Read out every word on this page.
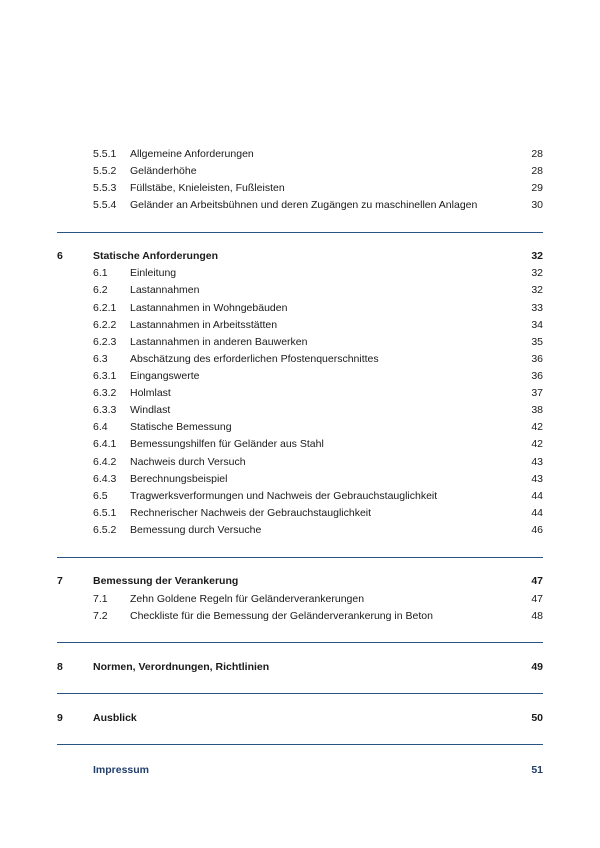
5.5.1 Allgemeine Anforderungen	28
5.5.2 Geländerhöhe	28
5.5.3 Füllstäbe, Knieleisten, Fußleisten	29
5.5.4 Geländer an Arbeitsbühnen und deren Zugängen zu maschinellen Anlagen	30
6	Statische Anforderungen	32
6.1 Einleitung	32
6.2 Lastannahmen	32
6.2.1 Lastannahmen in Wohngebäuden	33
6.2.2 Lastannahmen in Arbeitsstätten	34
6.2.3 Lastannahmen in anderen Bauwerken	35
6.3 Abschätzung des erforderlichen Pfostenquerschnittes	36
6.3.1 Eingangswerte	36
6.3.2 Holmlast	37
6.3.3 Windlast	38
6.4 Statische Bemessung	42
6.4.1 Bemessungshilfen für Geländer aus Stahl	42
6.4.2 Nachweis durch Versuch	43
6.4.3 Berechnungsbeispiel	43
6.5 Tragwerksverformungen und Nachweis der Gebrauchstauglichkeit	44
6.5.1 Rechnerischer Nachweis der Gebrauchstauglichkeit	44
6.5.2 Bemessung durch Versuche	46
7	Bemessung der Verankerung	47
7.1 Zehn Goldene Regeln für Geländerverankerungen	47
7.2 Checkliste für die Bemessung der Geländerverankerung in Beton	48
8	Normen, Verordnungen, Richtlinien	49
9	Ausblick	50
Impressum	51
